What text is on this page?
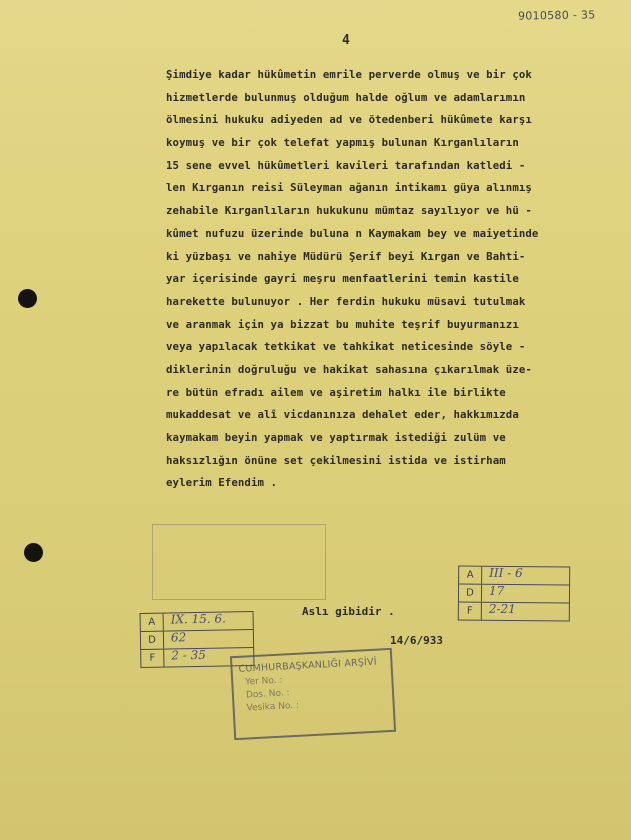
9010580 - 35
4
Şimdiye kadar hükûmetin emrile perverde olmuş ve bir çok
hizmetlerde bulunmuş olduğum halde oğlum ve adamlarımın
ölmesini hukuku adiyeden ad ve ötedenberi hükûmete karşı
koymuş ve bir çok telefat yapmış bulunan Kırganlıların
15 sene evvel hükûmetleri kavileri tarafından katledi -
len Kırganın reisi Süleyman ağanın intikamı güya alınmış
zehabile Kırganlıların hukukunu mümtaz sayılıyor ve hü -
kûmet nufuzu üzerinde buluna n Kaymakam bey ve maiyetinde
ki yüzbaşı ve nahiye Müdürü Şerif beyi Kırgan ve Bahti-
yar içerisinde gayri meşru menfaatlerini temin kastile
harekette bulunuyor . Her ferdin hukuku müsavi tutulmak
ve aranmak için ya bizzat bu muhite teşrif buyurmanızı
veya yapılacak tetkikat ve tahkikat neticesinde söyle -
diklerinin doğruluğu ve hakikat sahasına çıkarılmak üze-
re bütün efradı ailem ve aşiretim halkı ile birlikte
mukaddesat ve alî vicdanınıza dehalet eder, hakkımızda
kaymakam beyin yapmak ve yaptırmak istediği zulüm ve
haksızlığın önüne set çekilmesini istida ve istirham
eylerim Efendim .
A	III - 6
D	17
F	2-21
Aslı gibidir .
14/6/933
A	IX. 15. 6.
D	62
F	2 - 35
CUMHURBAŞKANLIĞI ARŞİVİ
Yer No. :
Dos. No. :
Vesika No. :
